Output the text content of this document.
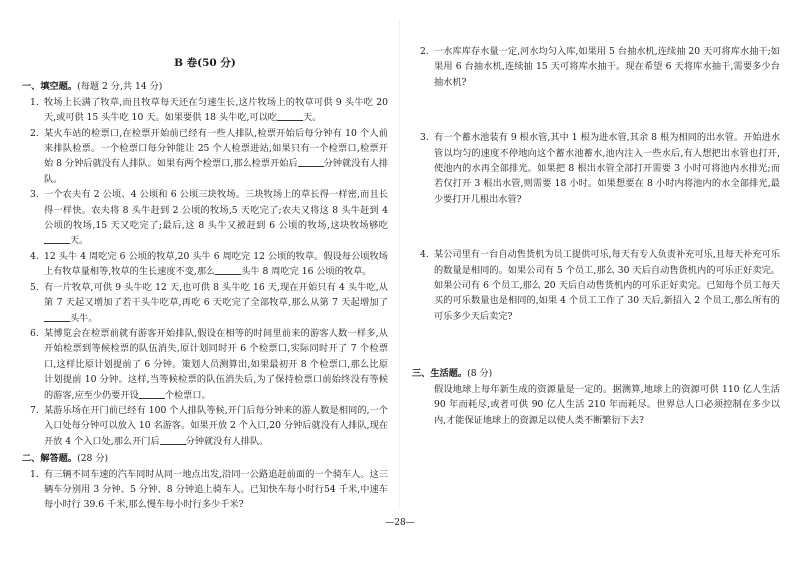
B 卷(50 分)
一、填空题。(每题 2 分,共 14 分)

1. 牧场上长满了牧草,而且牧草每天还在匀速生长,这片牧场上的牧草可供 9 头牛吃 20 天,或可供 15 头牛吃 10 天。如果要供 18 头牛吃,可以吃	天。

2. 某火车站的检票口,在检票开始前已经有一些人排队,检票开始后每分钟有 10 个人前来排队检票。一个检票口每分钟能让 25 个人检票进站,如果只有一个检票口,检票开始 8 分钟后就没有人排队。如果有两个检票口,那么检票开始后	分钟就没有人排队。

3. 一个农夫有 2 公顷、4 公顷和 6 公顷三块牧场。三块牧场上的草长得一样密,而且长得一样快。农夫将 8 头牛赶到 2 公顷的牧场,5 天吃完了;农夫又将这 8 头牛赶到 4 公顷的牧场,15 天又吃完了;最后,这 8 头牛又被赶到 6 公顷的牧场,这块牧场够吃天。

4. 12 头牛 4 周吃完 6 公顷的牧草,20 头牛 6 周吃完 12 公顷的牧草。假设每公顷牧场上有牧草量相等,牧草的生长速度不变,那么	头牛 8 周吃完 16 公顷的牧草。

5. 有一片牧草,可供 9 头牛吃 12 天,也可供 8 头牛吃 16 天,现在开始只有 4 头牛吃,从第 7 天起又增加了若干头牛吃草,再吃 6 天吃完了全部牧草,那么从第 7 天起增加了头牛。

6. 某博览会在检票前就有游客开始排队,假设在相等的时间里前来的游客人数一样多,从开始检票到等候检票的队伍消失,原计划同时开 6 个检票口,实际同时开了 7 个检票口,这样比原计划提前了 6 分钟。策划人员测算出,如果最初开 8 个检票口,那么比原计划提前 10 分钟。这样,当等候检票的队伍消失后,为了保持检票口前始终没有等候的游客,应至少仍要开设	个检票口。

7. 某游乐场在开门前已经有 100 个人排队等候,开门后每分钟来的游人数是相同的,一个入口处每分钟可以放入 10 名游客。如果开放 2 个入口,20 分钟后就没有人排队,现在开放 4 个入口处,那么开门后	分钟就没有人排队。

二、解答题。(28 分)

1. 有三辆不同车速的汽车同时从同一地点出发,沿同一公路追赶前面的一个骑车人。这三辆车分别用 3 分钟、5 分钟、8 分钟追上骑车人。已知快车每小时行54 千米,中速车每小时行 39.6 千米,那么慢车每小时行多少千米?

2. 一水库库存水量一定,河水均匀入库,如果用 5 台抽水机,连续抽 20 天可将库水抽干;如果用 6 台抽水机,连续抽 15 天可将库水抽干。现在希望 6 天将库水抽干,需要多少台抽水机?

3. 有一个蓄水池装有 9 根水管,其中 1 根为进水管,其余 8 根为相同的出水管。开始进水管以均匀的速度不停地向这个蓄水池蓄水,池内注入一些水后,有人想把出水管也打开,使池内的水再全部排光。如果把 8 根出水管全部打开需要 3 小时可将池内水排光;而若仅打开 3 根出水管,则需要 18 小时。如果想要在 8 小时内将池内的水全部排光,最少要打开几根出水管?

4. 某公司里有一台自动售货机为员工提供可乐,每天有专人负责补充可乐,且每天补充可乐的数量是相同的。如果公司有 5 个员工,那么 30 天后自动售货机内的可乐正好卖完。如果公司有 6 个员工,那么 20 天后自动售货机内的可乐正好卖完。已知每个员工每天买的可乐数量也是相同的,如果 4 个员工工作了 30 天后,新招入 2 个员工,那么所有的可乐多少天后卖完?

三、生活题。(8 分)

假设地球上每年新生成的资源量是一定的。据测算,地球上的资源可供 110 亿人生活 90 年而耗尽,或者可供 90 亿人生活 210 年而耗尽。世界总人口必须控制在多少以内,才能保证地球上的资源足以使人类不断繁衍下去?

—28—
